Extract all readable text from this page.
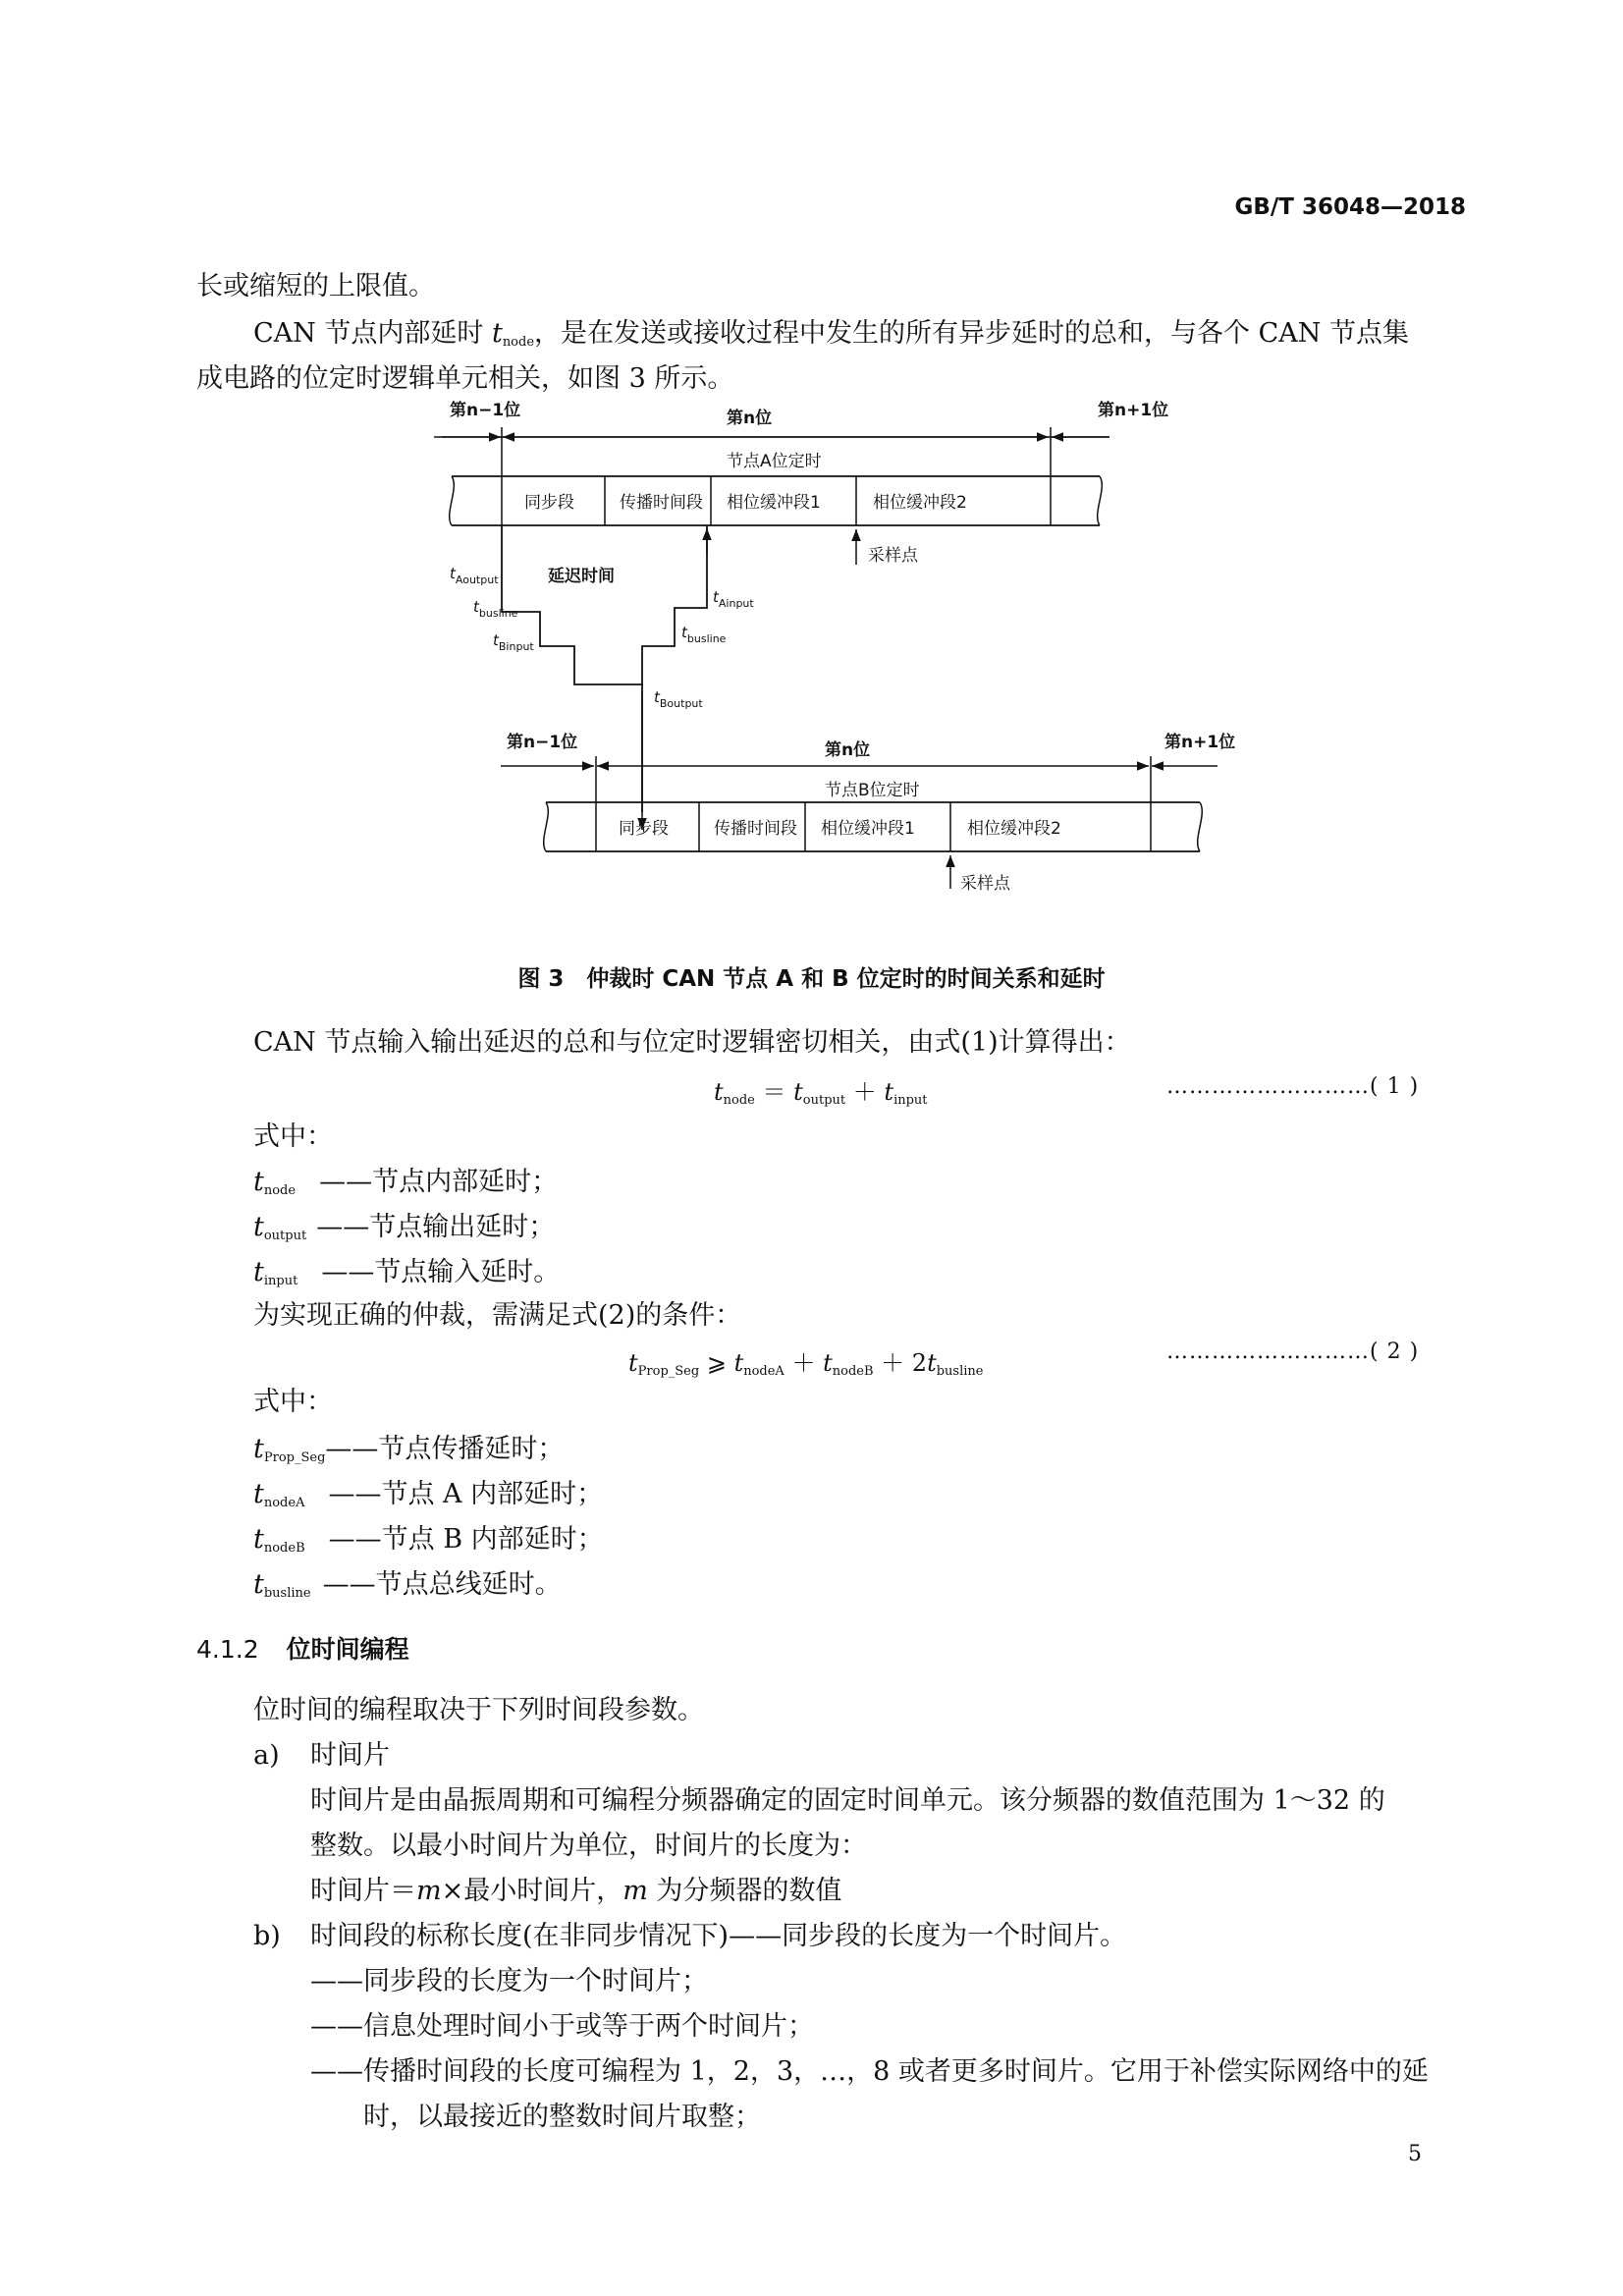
GB/T 36048—2018
长或缩短的上限值。
CAN 节点内部延时 $t_{node}$，是在发送或接收过程中发生的所有异步延时的总和，与各个 CAN 节点集
成电路的位定时逻辑单元相关，如图 3 所示。
第n−1位	第n位	第n+1位
节点A位定时
同步段	传播时间段 相位缓冲段1	相位缓冲段2
采样点
延迟时间
$t_{Aoutput}$
$t_{busline}$
$t_{Binput}$
$t_{Ainput}$
$t_{busline}$
$t_{Boutput}$
第n−1位	第n位	第n+1位
节点B位定时
同步段	传播时间段 相位缓冲段1	相位缓冲段2
采样点
图 3　仲裁时 CAN 节点 A 和 B 位定时的时间关系和延时
CAN 节点输入输出延迟的总和与位定时逻辑密切相关，由式(1)计算得出：
$t_{node} = t_{output} + t_{input}$
………………………( 1 )
式中：
$t_{node}$ ——节点内部延时；
$t_{output}$ ——节点输出延时；
$t_{input}$ ——节点输入延时。
为实现正确的仲裁，需满足式(2)的条件：
$t_{Prop\_Seg}$ ⩾ $t_{nodeA} + t_{nodeB} + 2t_{busline}$
………………………( 2 )
式中：
$t_{Prop\_Seg}——$节点传播延时；
$t_{nodeA}$ ——节点 A 内部延时；
$t_{nodeB}$ ——节点 B 内部延时；
$t_{busline}$ ——节点总线延时。
4.1.2 位时间编程
位时间的编程取决于下列时间段参数。
a) 时间片
时间片是由晶振周期和可编程分频器确定的固定时间单元。该分频器的数值范围为 1～32 的
整数。以最小时间片为单位，时间片的长度为：
时间片＝m×最小时间片，m 为分频器的数值
b) 时间段的标称长度(在非同步情况下)——同步段的长度为一个时间片。
——同步段的长度为一个时间片；
——信息处理时间小于或等于两个时间片；
——传播时间段的长度可编程为 1，2，3，…，8 或者更多时间片。它用于补偿实际网络中的延
时，以最接近的整数时间片取整；
5
